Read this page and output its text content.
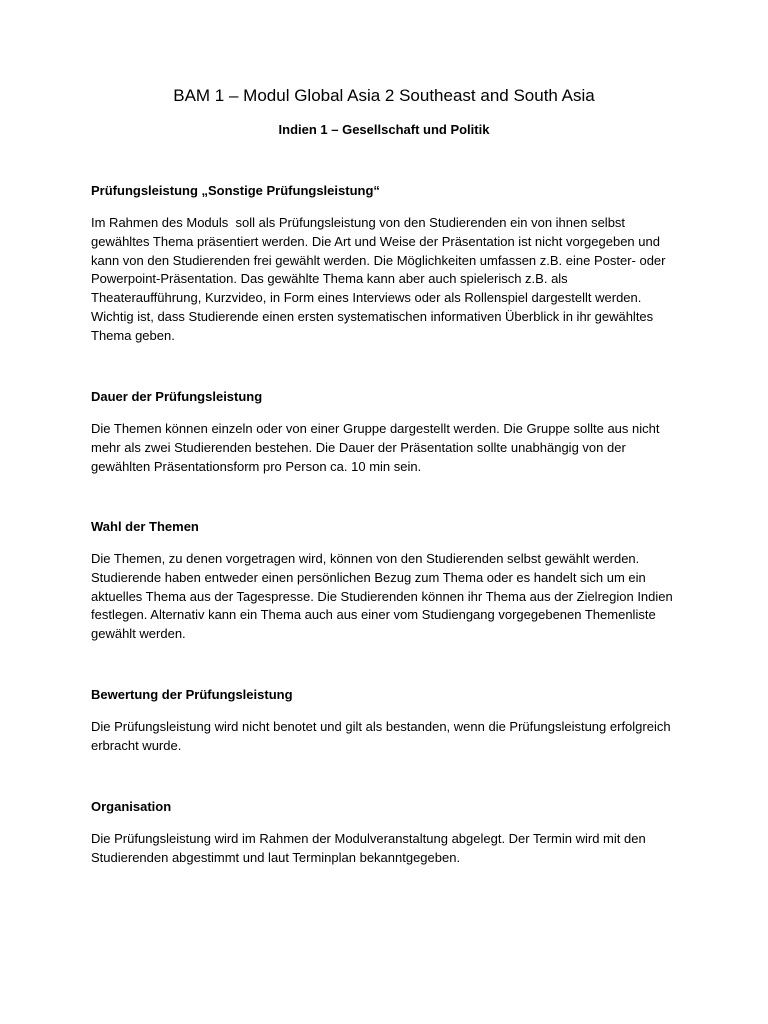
BAM 1 – Modul Global Asia 2 Southeast and South Asia
Indien 1 – Gesellschaft und Politik
Prüfungsleistung „Sonstige Prüfungsleistung“

Im Rahmen des Moduls  soll als Prüfungsleistung von den Studierenden ein von ihnen selbst
gewähltes Thema präsentiert werden. Die Art und Weise der Präsentation ist nicht vorgegeben und
kann von den Studierenden frei gewählt werden. Die Möglichkeiten umfassen z.B. eine Poster- oder
Powerpoint-Präsentation. Das gewählte Thema kann aber auch spielerisch z.B. als
Theateraufführung, Kurzvideo, in Form eines Interviews oder als Rollenspiel dargestellt werden.
Wichtig ist, dass Studierende einen ersten systematischen informativen Überblick in ihr gewähltes
Thema geben.

Dauer der Prüfungsleistung

Die Themen können einzeln oder von einer Gruppe dargestellt werden. Die Gruppe sollte aus nicht
mehr als zwei Studierenden bestehen. Die Dauer der Präsentation sollte unabhängig von der
gewählten Präsentationsform pro Person ca. 10 min sein.

Wahl der Themen

Die Themen, zu denen vorgetragen wird, können von den Studierenden selbst gewählt werden.
Studierende haben entweder einen persönlichen Bezug zum Thema oder es handelt sich um ein
aktuelles Thema aus der Tagespresse. Die Studierenden können ihr Thema aus der Zielregion Indien
festlegen. Alternativ kann ein Thema auch aus einer vom Studiengang vorgegebenen Themenliste
gewählt werden.

Bewertung der Prüfungsleistung

Die Prüfungsleistung wird nicht benotet und gilt als bestanden, wenn die Prüfungsleistung erfolgreich
erbracht wurde.

Organisation

Die Prüfungsleistung wird im Rahmen der Modulveranstaltung abgelegt. Der Termin wird mit den
Studierenden abgestimmt und laut Terminplan bekanntgegeben.
